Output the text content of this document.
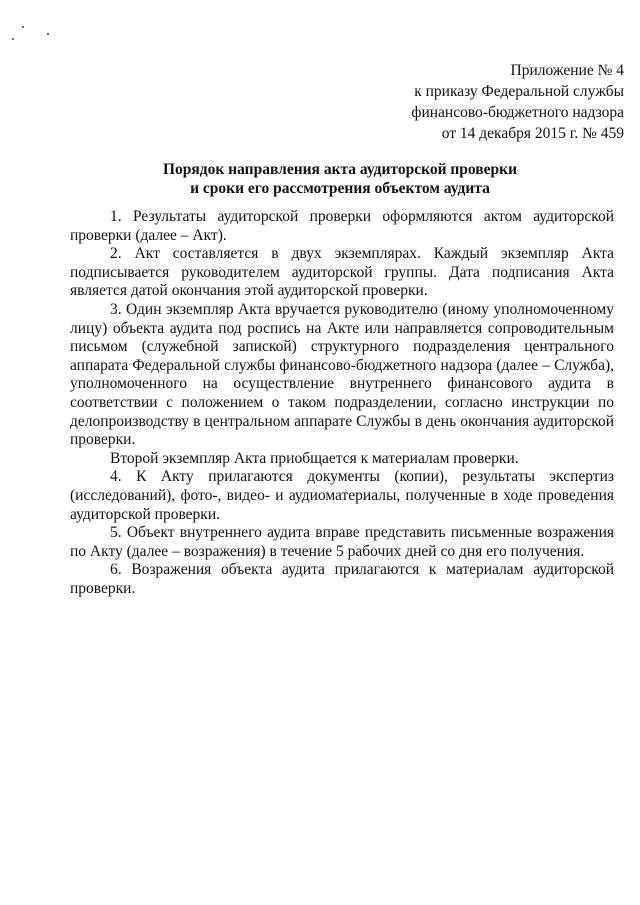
Приложение № 4
к приказу Федеральной службы
финансово-бюджетного надзора
от 14 декабря 2015 г. № 459
Порядок направления акта аудиторской проверки
и сроки его рассмотрения объектом аудита

1. Результаты аудиторской проверки оформляются актом аудиторской проверки (далее – Акт).

2. Акт составляется в двух экземплярах. Каждый экземпляр Акта подписывается руководителем аудиторской группы. Дата подписания Акта является датой окончания этой аудиторской проверки.

3. Один экземпляр Акта вручается руководителю (иному уполномоченному лицу) объекта аудита под роспись на Акте или направляется сопроводительным письмом (служебной запиской) структурного подразделения центрального аппарата Федеральной службы финансово-бюджетного надзора (далее – Служба), уполномоченного на осуществление внутреннего финансового аудита в соответствии с положением о таком подразделении, согласно инструкции по делопроизводству в центральном аппарате Службы в день окончания аудиторской проверки.

Второй экземпляр Акта приобщается к материалам проверки.

4. К Акту прилагаются документы (копии), результаты экспертиз (исследований), фото-, видео- и аудиоматериалы, полученные в ходе проведения аудиторской проверки.

5. Объект внутреннего аудита вправе представить письменные возражения по Акту (далее – возражения) в течение 5 рабочих дней со дня его получения.

6. Возражения объекта аудита прилагаются к материалам аудиторской проверки.
